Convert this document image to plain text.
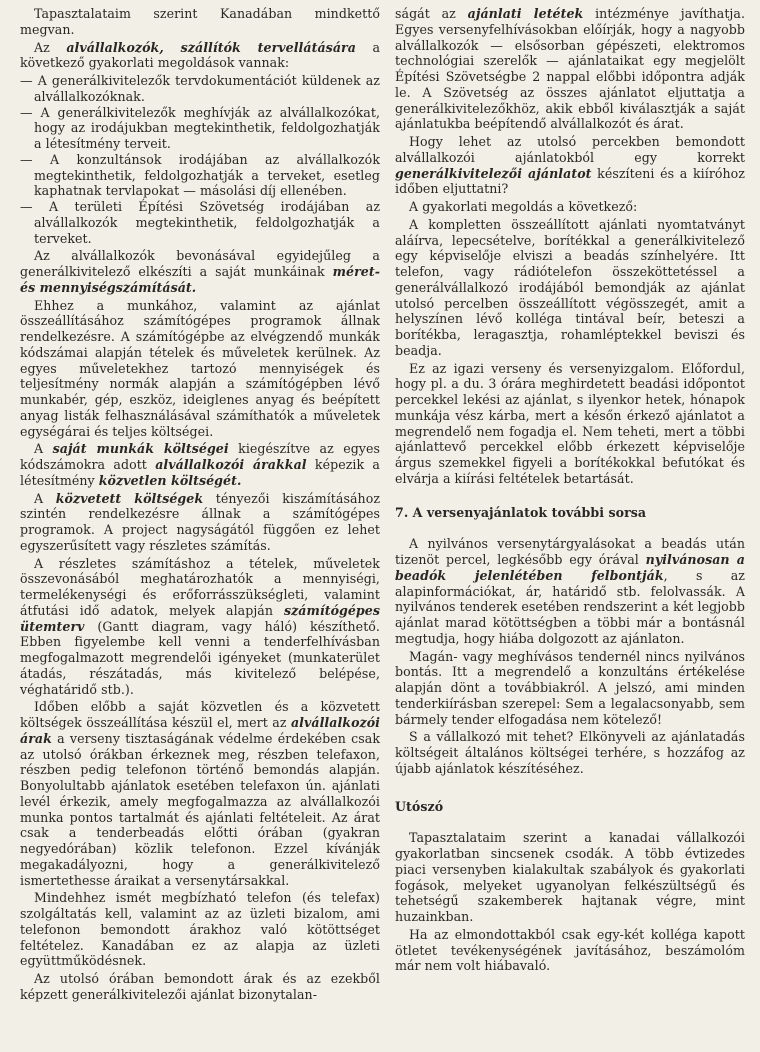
Tapasztalataim szerint Kanadában mindkettő megvan.

Az alvállalkozók, szállítók tervellátására a következő gyakorlati megoldások vannak:

— A generálkivitelezők tervdokumentációt küldenek az alvállalkozóknak.
— A generálkivitelezők meghívják az alvállalkozókat, hogy az irodájukban megtekinthetik, feldolgozhatják a létesítmény terveit.
— A konzultánsok irodájában az alvállalkozók megtekinthetik, feldolgozhatják a terveket, esetleg kaphatnak tervlapokat — másolási díj ellenében.
— A területi Építési Szövetség irodájában az alvállalkozók megtekinthetik, feldolgozhatják a terveket.

Az alvállalkozók bevonásával egyidejűleg a generálkivitelező elkészíti a saját munkáinak méret- és mennyiségszámítását.

Ehhez a munkához, valamint az ajánlat összeállításához számítógépes programok állnak rendelkezésre. A számítógépbe az elvégzendő munkák kódszámai alapján tételek és műveletek kerülnek. Az egyes műveletekhez tartozó mennyiségek és teljesítmény normák alapján a számítógépben lévő munkabér, gép, eszköz, ideiglenes anyag és beépített anyag listák felhasználásával számíthatók a műveletek egységárai és teljes költségei.

A saját munkák költségei kiegészítve az egyes kódszámokra adott alvállalkozói árakkal képezik a létesítmény közvetlen költségét.

A közvetett költségek tényezői kiszámításához szintén rendelkezésre állnak a számítógépes programok. A project nagyságától függően ez lehet egyszerűsített vagy részletes számítás.

A részletes számításhoz a tételek, műveletek összevonásából meghatározhatók a mennyiségi, termelékenységi és erőforrásszükségleti, valamint átfutási idő adatok, melyek alapján számítógépes ütemterv (Gantt diagram, vagy háló) készíthető. Ebben figyelembe kell venni a tenderfelhívásban megfogalmazott megrendelői igényeket (munkaterület átadás, részátadás, más kivitelező belépése, véghatáridő stb.).

Időben előbb a saját közvetlen és a közvetett költségek összeállítása készül el, mert az alvállalkozói árak a verseny tisztaságának védelme érdekében csak az utolsó órákban érkeznek meg, részben telefaxon, részben pedig telefonon történő bemondás alapján. Bonyolultabb ajánlatok esetében telefaxon ún. ajánlati levél érkezik, amely megfogalmazza az alvállalkozói munka pontos tartalmát és ajánlati feltételeit. Az árat csak a tenderbeadás előtti órában (gyakran negyedórában) közlik telefonon. Ezzel kívánják megakadályozni, hogy a generálkivitelező ismertethesse áraikat a versenytársakkal.

Mindehhez ismét megbízható telefon (és telefax) szolgáltatás kell, valamint az az üzleti bizalom, ami telefonon bemondott árakhoz való kötöttséget feltételez. Kanadában ez az alapja az üzleti együttműködésnek.

Az utolsó órában bemondott árak és az ezekből képzett generálkivitelezői ajánlat bizonytalan-

ságát az ajánlati letétek intézménye javíthatja. Egyes versenyfelhívásokban előírják, hogy a nagyobb alvállalkozók — elsősorban gépészeti, elektromos technológiai szerelők — ajánlataikat egy megjelölt Építési Szövetségbe 2 nappal előbbi időpontra adják le. A Szövetség az összes ajánlatot eljuttatja a generálkivitelezőkhöz, akik ebből kiválasztják a saját ajánlatukba beépítendő alvállalkozót és árat.

Hogy lehet az utolsó percekben bemondott alvállalkozói ajánlatokból egy korrekt generálkivitelezői ajánlatot készíteni és a kiíróhoz időben eljuttatni?

A gyakorlati megoldás a következő:

A kompletten összeállított ajánlati nyomtatványt aláírva, lepecsételve, borítékkal a generálkivitelező egy képviselője elviszi a beadás színhelyére. Itt telefon, vagy rádiótelefon összeköttetéssel a generálvállalkozó irodájából bemondják az ajánlat utolsó percelben összeállított végösszegét, amit a helyszínen lévő kolléga tintával beír, beteszi a borítékba, leragasztja, rohamléptekkel beviszi és beadja.

Ez az igazi verseny és versenyizgalom. Előfordul, hogy pl. a du. 3 órára meghirdetett beadási időpontot percekkel lekési az ajánlat, s ilyenkor hetek, hónapok munkája vész kárba, mert a későn érkező ajánlatot a megrendelő nem fogadja el. Nem teheti, mert a többi ajánlattevő percekkel előbb érkezett képviselője árgus szemekkel figyeli a borítékokkal befutókat és elvárja a kiírási feltételek betartását.

7. A versenyajánlatok további sorsa

A nyilvános versenytárgyalásokat a beadás után tizenöt percel, legkésőbb egy órával nyilvánosan a beadók jelenlétében felbontják, s az alapinformációkat, ár, határidő stb. felolvassák. A nyilvános tenderek esetében rendszerint a két legjobb ajánlat marad kötöttségben a többi már a bontásnál megtudja, hogy hiába dolgozott az ajánlaton.

Magán- vagy meghívásos tendernél nincs nyilvános bontás. Itt a megrendelő a konzultáns értékelése alapján dönt a továbbiakról. A jelszó, ami minden tenderkiírásban szerepel: Sem a legalacsonyabb, sem bármely tender elfogadása nem kötelező!

S a vállalkozó mit tehet? Elkönyveli az ajánlatadás költségeit általános költségei terhére, s hozzáfog az újabb ajánlatok készítéséhez.

Utószó

Tapasztalataim szerint a kanadai vállalkozói gyakorlatban sincsenek csodák. A több évtizedes piaci versenyben kialakultak szabályok és gyakorlati fogások, melyeket ugyanolyan felkészültségű és tehetségű szakemberek hajtanak végre, mint huzainkban.

Ha az elmondottakból csak egy-két kolléga kapott ötletet tevékenységének javításához, beszámolóm már nem volt hiábavaló.
